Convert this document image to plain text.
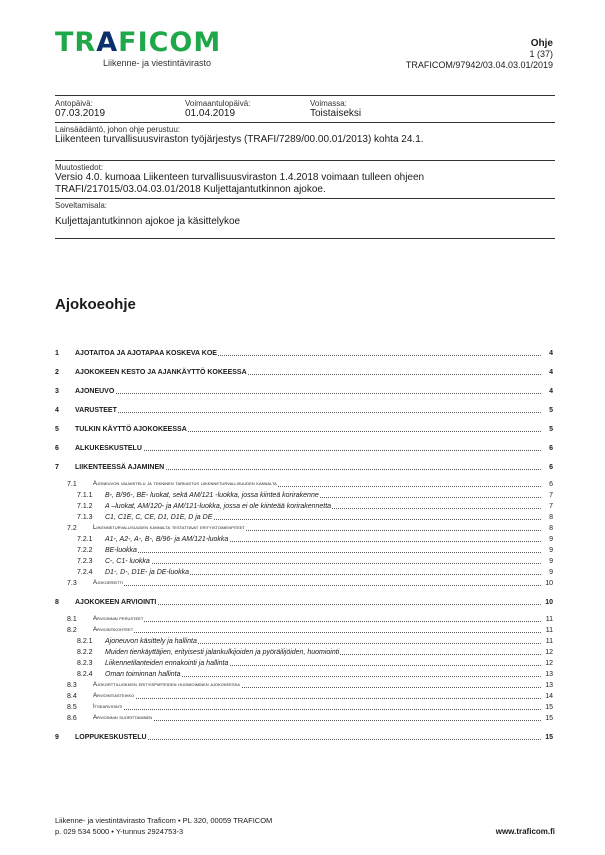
TRAFICOM
Liikenne- ja viestintävirasto
Ohje
1 (37)
TRAFICOM/97942/03.04.03.01/2019
Antopäivä:
07.03.2019
Voimaantulopäivä:
01.04.2019
Voimassa:
Toistaiseksi
Lainsäädäntö, johon ohje perustuu:
Liikenteen turvallisuusviraston työjärjestys (TRAFI/7289/00.00.01/2013) kohta 24.1.
Muutostiedot:
Versio 4.0. kumoaa Liikenteen turvallisuusviraston 1.4.2018 voimaan tulleen ohjeen
TRAFI/217015/03.04.03.01/2018 Kuljettajantutkinnon ajokoe.
Soveltamisala:
Kuljettajantutkinnon ajokoe ja käsittelykoe
Ajokoeohje
1 AJOTAITOA JA AJOTAPAA KOSKEVA KOE	4
2 AJOKOKEEN KESTO JA AJANKÄYTTÖ KOKEESSA	4
3 AJONEUVO	4
4 VARUSTEET	5
5 TULKIN KÄYTTÖ AJOKOKEESSA	5
6 ALKUKESKUSTELU	6
7 LIIKENTEESSÄ AJAMINEN	6
7.1	Ajoneuvon valmistelu ja tekninen tarkastus liikenneturvallisuuden kannalta	6
7.1.1 B-, B/96-, BE- luokat, sekä AM/121 -luokka, jossa kiinteä korirakenne	7
7.1.2 A –luokat, AM/120- ja AM/121-luokka, jossa ei ole kiinteää korirakennetta	7
7.1.3 C1, C1E, C, CE, D1, D1E, D ja DE	8
7.2	Liikenneturvallisuuden kannalta testattavat erityistoimenpiteet	8
7.2.1 A1-, A2-, A-, B-, B/96- ja AM/121-luokka	9
7.2.2 BE-luokka	9
7.2.3 C-, C1- luokka	9
7.2.4 D1-, D-, D1E- ja DE-luokka	9
7.3	Ajokoereitti	10
8 AJOKOKEEN ARVIOINTI	10
8.1	Arvioinnin perusteet	11
8.2	Arviointikohteet	11
8.2.1 Ajoneuvon käsittely ja hallinta	11
8.2.2 Muiden tienkäyttäjien, erityisesti jalankulkijoiden ja pyöräilijöiden, huomiointi	12
8.2.3 Liikennetilanteiden ennakointi ja hallinta	12
8.2.4 Oman toiminnan hallinta	13
8.3	Ajokorttiluokkien erityispiirteiden huomioiminen ajokokeessa	13
8.4	Arviointiasteikko	14
8.5	Itsearviointi	15
8.6	Arvioinnin suorittaminen	15
9 LOPPUKESKUSTELU	15
Liikenne- ja viestintävirasto Traficom • PL 320, 00059 TRAFICOM
p. 029 534 5000 • Y-tunnus 2924753-3	www.traficom.fi
